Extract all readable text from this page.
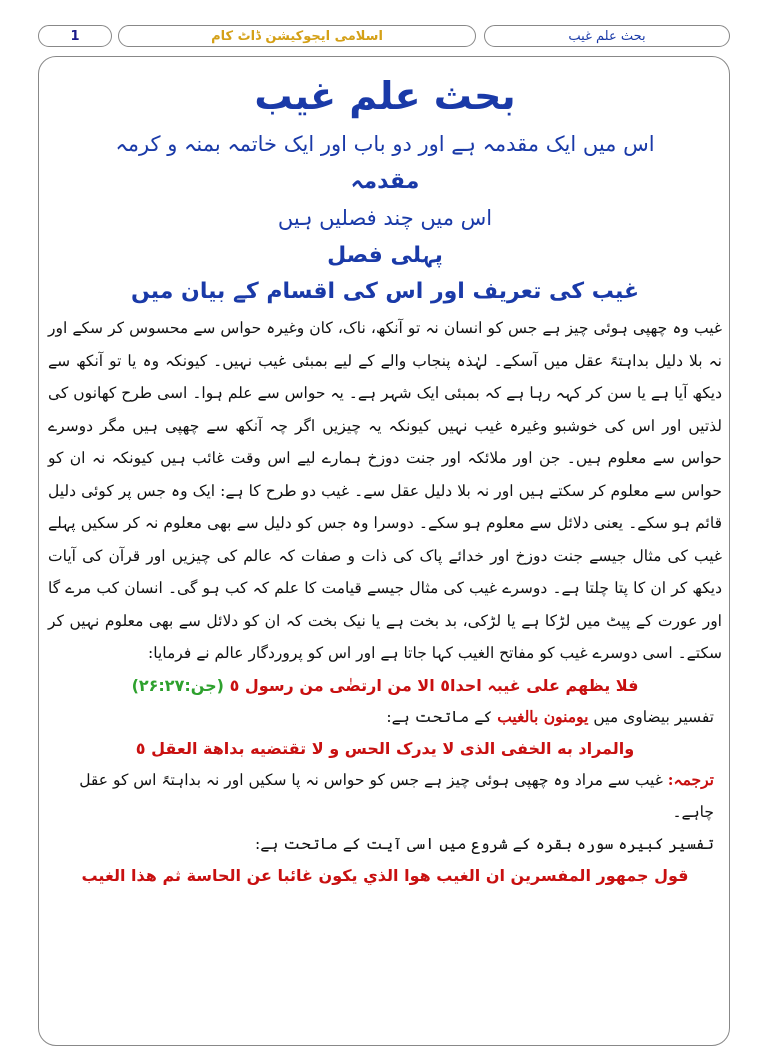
1	اسلامی ایجوکیشن ڈاٹ کام	بحث علم غیب
بحث علم غیب
اس میں ایک مقدمہ ہے اور دو باب اور ایک خاتمہ بمنہ و کرمہ
مقدمہ
اس میں چند فصلیں ہیں
پہلی فصل
غیب کی تعریف اور اس کی اقسام کے بیان میں
غیب وہ چھپی ہوئی چیز ہے جس کو انسان نہ تو آنکھ، ناک، کان وغیرہ حواس سے محسوس کر سکے اور نہ بلا دلیل بداہتہً عقل میں آسکے۔ لہٰذہ پنجاب والے کے لیے بمبئی غیب نہیں۔ کیونکہ وہ یا تو آنکھ سے دیکھ آیا ہے یا سن کر کہہ رہا ہے کہ بمبئی ایک شہر ہے۔ یہ حواس سے علم ہوا۔ اسی طرح کھانوں کی لذتیں اور اس کی خوشبو وغیرہ غیب نہیں کیونکہ یہ چیزیں اگر چہ آنکھ سے چھپی ہیں مگر دوسرے حواس سے معلوم ہیں۔ جن اور ملائکہ اور جنت دوزخ ہمارے لیے اس وقت غائب ہیں کیونکہ نہ ان کو حواس سے معلوم کر سکتے ہیں اور نہ بلا دلیل عقل سے۔ غیب دو طرح کا ہے: ایک وہ جس پر کوئی دلیل قائم ہو سکے۔ یعنی دلائل سے معلوم ہو سکے۔ دوسرا وہ جس کو دلیل سے بھی معلوم نہ کر سکیں پہلے غیب کی مثال جیسے جنت دوزخ اور خدائے پاک کی ذات و صفات کہ عالم کی چیزیں اور قرآن کی آیات دیکھ کر ان کا پتا چلتا ہے۔ دوسرے غیب کی مثال جیسے قیامت کا علم کہ کب ہو گی۔ انسان کب مرے گا اور عورت کے پیٹ میں لڑکا ہے یا لڑکی، بد بخت ہے یا نیک بخت کہ ان کو دلائل سے بھی معلوم نہیں کر سکتے۔ اسی دوسرے غیب کو مفاتح الغیب کہا جاتا ہے اور اس کو پروردگار عالم نے فرمایا:
فلا یظھم علی غیبہ احدا٥ الا من ارتضٰی من رسول ٥ (جن:۲۶:۲۷)
تفسیر بیضاوی میں یومنون بالغیب کے ماتحت ہے:
والمراد به الخفی الذی لا یدرک الحس و لا تقتضیه بداهة العقل ٥
ترجمہ: غیب سے مراد وہ چھپی ہوئی چیز ہے جس کو حواس نہ پا سکیں اور نہ بداہتہً اس کو عقل چاہے۔
تفسیر کبیرہ سورہ بقرہ کے شروع میں اسی آیت کے ماتحت ہے:
قول جمهور المفسرين ان الغيب هوا الذي يكون غائبا عن الحاسة ثم هذا الغيب
